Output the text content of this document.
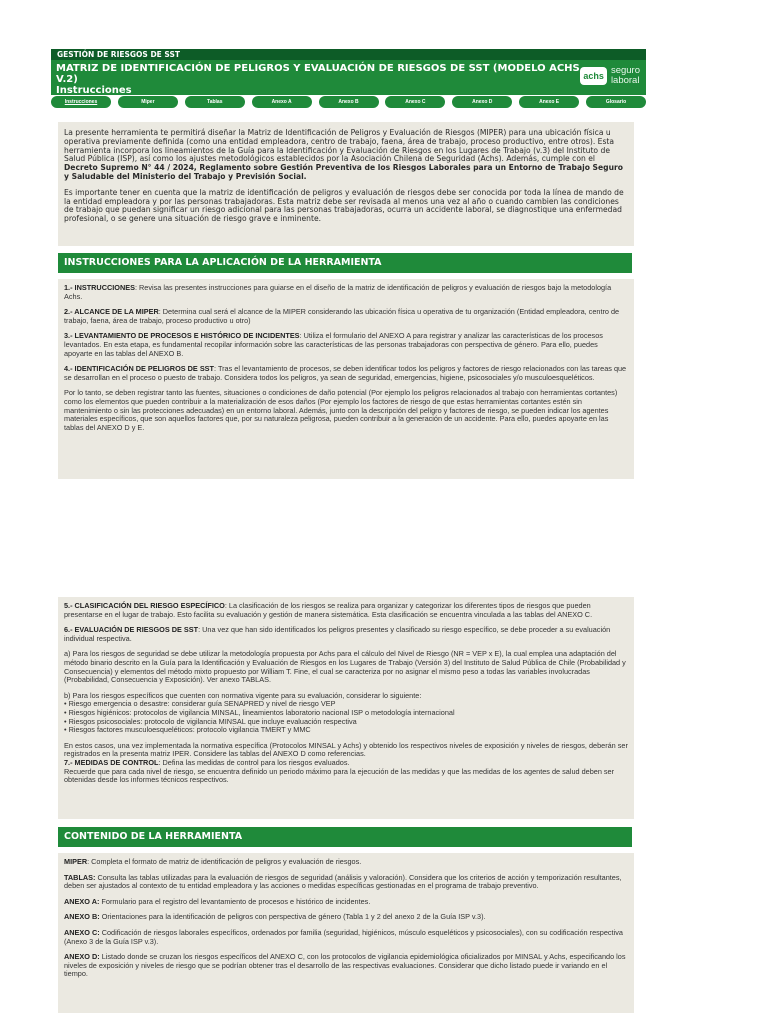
GESTIÓN DE RIESGOS DE SST
MATRIZ DE IDENTIFICACIÓN DE PELIGROS Y EVALUACIÓN DE RIESGOS DE SST (MODELO ACHS V.2)
Instrucciones
achs seguro
laboral
Instrucciones	Miper	Tablas	Anexo A	Anexo B	Anexo C	Anexo D	Anexo E	Glosario

La presente herramienta te permitirá diseñar la Matriz de Identificación de Peligros y Evaluación de Riesgos (MIPER) para una ubicación física u operativa previamente definida (como una entidad empleadora, centro de trabajo, faena, área de trabajo, proceso productivo, entre otros). Esta herramienta incorpora los lineamientos de la Guía para la Identificación y Evaluación de Riesgos en los Lugares de Trabajo (v.3) del Instituto de Salud Pública (ISP), así como los ajustes metodológicos establecidos por la Asociación Chilena de Seguridad (Achs). Además, cumple con el Decreto Supremo N° 44 / 2024, Reglamento sobre Gestión Preventiva de los Riesgos Laborales para un Entorno de Trabajo Seguro y Saludable del Ministerio del Trabajo y Previsión Social.

Es importante tener en cuenta que la matriz de identificación de peligros y evaluación de riesgos debe ser conocida por toda la línea de mando de la entidad empleadora y por las personas trabajadoras. Esta matriz debe ser revisada al menos una vez al año o cuando cambien las condiciones de trabajo que puedan significar un riesgo adicional para las personas trabajadoras, ocurra un accidente laboral, se diagnostique una enfermedad profesional, o se genere una situación de riesgo grave e inminente.

INSTRUCCIONES PARA LA APLICACIÓN DE LA HERRAMIENTA

1.- INSTRUCCIONES: Revisa las presentes instrucciones para guiarse en el diseño de la matriz de identificación de peligros y evaluación de riesgos bajo la metodología Achs.

2.- ALCANCE DE LA MIPER: Determina cual será el alcance de la MIPER considerando las ubicación física u operativa de tu organización (Entidad empleadora, centro de trabajo, faena, área de trabajo, proceso productivo u otro)

3.- LEVANTAMIENTO DE PROCESOS E HISTÓRICO DE INCIDENTES: Utiliza el formulario del ANEXO A para registrar y analizar las características de los procesos levantados. En esta etapa, es fundamental recopilar información sobre las características de las personas trabajadoras con perspectiva de género. Para ello, puedes apoyarte en las tablas del ANEXO B.

4.- IDENTIFICACIÓN DE PELIGROS DE SST: Tras el levantamiento de procesos, se deben identificar todos los peligros y factores de riesgo relacionados con las tareas que se desarrollan en el proceso o puesto de trabajo. Considera todos los peligros, ya sean de seguridad, emergencias, higiene, psicosociales y/o musculoesqueléticos.

Por lo tanto, se deben registrar tanto las fuentes, situaciones o condiciones de daño potencial (Por ejemplo los peligros relacionados al trabajo con herramientas cortantes) como los elementos que pueden contribuir a la materialización de esos daños (Por ejemplo los factores de riesgo de que estas herramientas cortantes estén sin mantenimiento o sin las protecciones adecuadas) en un entorno laboral. Además, junto con la descripción del peligro y factores de riesgo, se pueden indicar los agentes materiales específicos, que son aquellos factores que, por su naturaleza peligrosa, pueden contribuir a la generación de un accidente. Para ello, puedes apoyarte en las tablas del ANEXO D y E.

5.- CLASIFICACIÓN DEL RIESGO ESPECÍFICO: La clasificación de los riesgos se realiza para organizar y categorizar los diferentes tipos de riesgos que pueden presentarse en el lugar de trabajo. Esto facilita su evaluación y gestión de manera sistemática. Esta clasificación se encuentra vinculada a las tablas del ANEXO C.

6.- EVALUACIÓN DE RIESGOS DE SST: Una vez que han sido identificados los peligros presentes y clasificado su riesgo específico, se debe proceder a su evaluación individual respectiva.

a) Para los riesgos de seguridad se debe utilizar la metodología propuesta por Achs para el cálculo del Nivel de Riesgo (NR = VEP x E), la cual emplea una adaptación del método binario descrito en la Guía para la Identificación y Evaluación de Riesgos en los Lugares de Trabajo (Versión 3) del Instituto de Salud Pública de Chile (Probabilidad y Consecuencia) y elementos del método mixto propuesto por William T. Fine, el cual se caracteriza por no asignar el mismo peso a todas las variables involucradas (Probabilidad, Consecuencia y Exposición). Ver anexo TABLAS.

b) Para los riesgos específicos que cuenten con normativa vigente para su evaluación, considerar lo siguiente:
• Riesgo emergencia o desastre: considerar guía SENAPRED y nivel de riesgo VEP
• Riesgos higiénicos: protocolos de vigilancia MINSAL, lineamientos laboratorio nacional ISP o metodología internacional
• Riesgos psicosociales: protocolo de vigilancia MINSAL que incluye evaluación respectiva
• Riesgos factores musculoesqueléticos: protocolo vigilancia TMERT y MMC

En estos casos, una vez implementada la normativa específica (Protocolos MINSAL y Achs) y obtenido los respectivos niveles de exposición y niveles de riesgos, deberán ser registrados en la presenta matriz IPER. Considere las tablas del ANEXO D como referencias.
7.- MEDIDAS DE CONTROL: Defina las medidas de control para los riesgos evaluados.
Recuerde que para cada nivel de riesgo, se encuentra definido un periodo máximo para la ejecución de las medidas y que las medidas de los agentes de salud deben ser obtenidas desde los informes técnicos respectivos.

CONTENIDO DE LA HERRAMIENTA

MIPER: Completa el formato de matriz de identificación de peligros y evaluación de riesgos.

TABLAS: Consulta las tablas utilizadas para la evaluación de riesgos de seguridad (análisis y valoración). Considera que los criterios de acción y temporización resultantes, deben ser ajustados al contexto de tu entidad empleadora y las acciones o medidas específicas gestionadas en el programa de trabajo preventivo.

ANEXO A: Formulario para el registro del levantamiento de procesos e histórico de incidentes.

ANEXO B: Orientaciones para la identificación de peligros con perspectiva de género (Tabla 1 y 2 del anexo 2 de la Guía ISP v.3).

ANEXO C: Codificación de riesgos laborales específicos, ordenados por familia (seguridad, higiénicos, músculo esqueléticos y psicosociales), con su codificación respectiva (Anexo 3 de la Guía ISP v.3).

ANEXO D: Listado donde se cruzan los riesgos específicos del ANEXO C, con los protocolos de vigilancia epidemiológica oficializados por MINSAL y Achs, especificando los niveles de exposición y niveles de riesgo que se podrían obtener tras el desarrollo de las respectivas evaluaciones. Considerar que dicho listado puede ir variando en el tiempo.
